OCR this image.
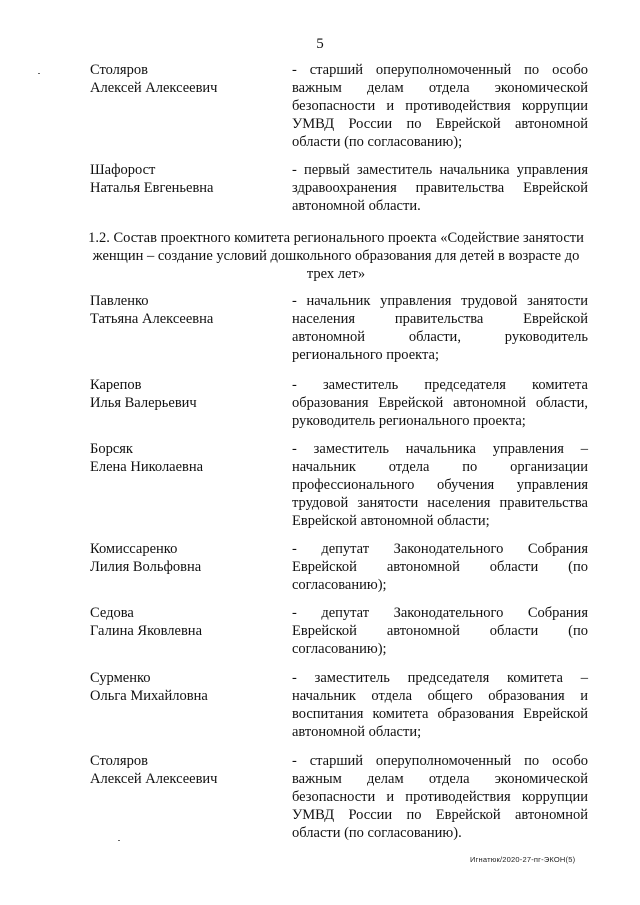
5
Столяров
Алексей Алексеевич
- старший оперуполномоченный по особо важным делам отдела экономической безопасности и противодействия коррупции УМВД России по Еврейской автономной области (по согласованию);
Шафорост
Наталья Евгеньевна
- первый заместитель начальника управления здравоохранения правительства Еврейской автономной области.
1.2. Состав проектного комитета регионального проекта «Содействие занятости женщин – создание условий дошкольного образования для детей в возрасте до трех лет»
Павленко
Татьяна Алексеевна
- начальник управления трудовой занятости населения правительства Еврейской автономной области, руководитель регионального проекта;
Карепов
Илья Валерьевич
- заместитель председателя комитета образования Еврейской автономной области, руководитель регионального проекта;
Борсяк
Елена Николаевна
- заместитель начальника управления – начальник отдела по организации профессионального обучения управления трудовой занятости населения правительства Еврейской автономной области;
Комиссаренко
Лилия Вольфовна
- депутат Законодательного Собрания Еврейской автономной области (по согласованию);
Седова
Галина Яковлевна
- депутат Законодательного Собрания Еврейской автономной области (по согласованию);
Сурменко
Ольга Михайловна
- заместитель председателя комитета – начальник отдела общего образования и воспитания комитета образования Еврейской автономной области;
Столяров
Алексей Алексеевич
- старший оперуполномоченный по особо важным делам отдела экономической безопасности и противодействия коррупции УМВД России по Еврейской автономной области (по согласованию).
Игнатюк/2020-27-пг-ЭКОН(5)
